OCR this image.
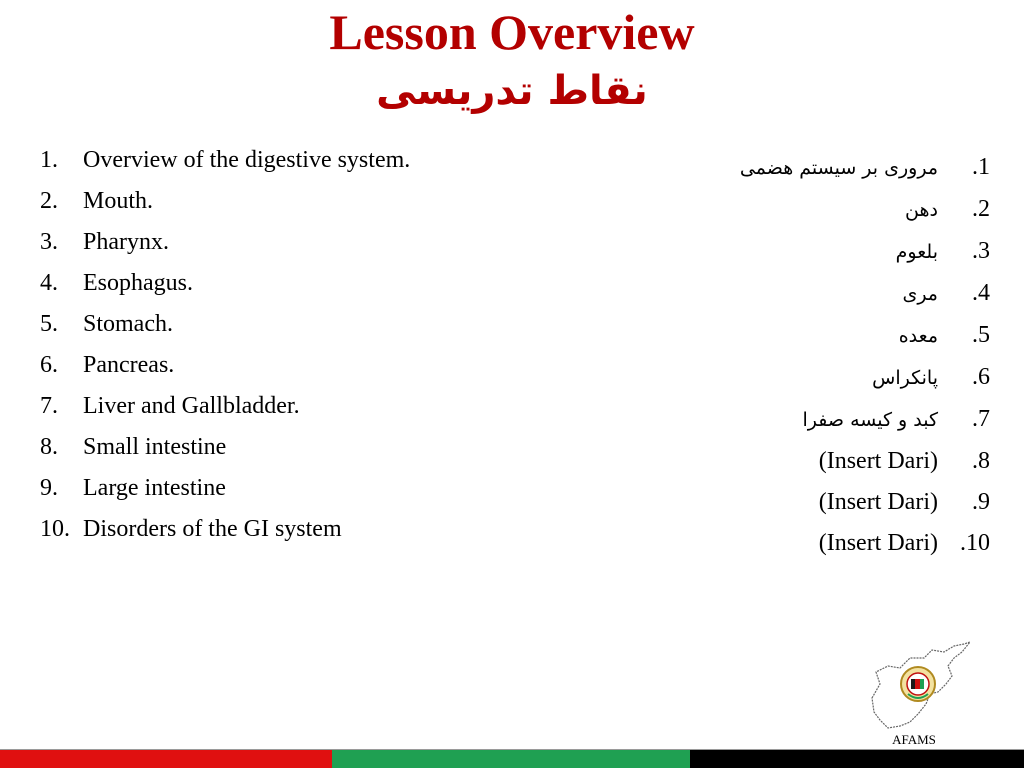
Lesson Overview
نقاط تدریسی
1.	Overview of the digestive system.
2.	Mouth.
3.	Pharynx.
4.	Esophagus.
5.	Stomach.
6.	Pancreas.
7.	Liver and Gallbladder.
8.	Small intestine
9.	Large intestine
10. Disorders of the GI system
مروری بر سیستم هضمی	.1
دهن	.2
بلعوم	.3
مری	.4
معده	.5
پانکراس	.6
کبد و کیسه صفرا	.7
(Insert Dari)	.8
(Insert Dari)	.9
(Insert Dari) .10
AFAMS
